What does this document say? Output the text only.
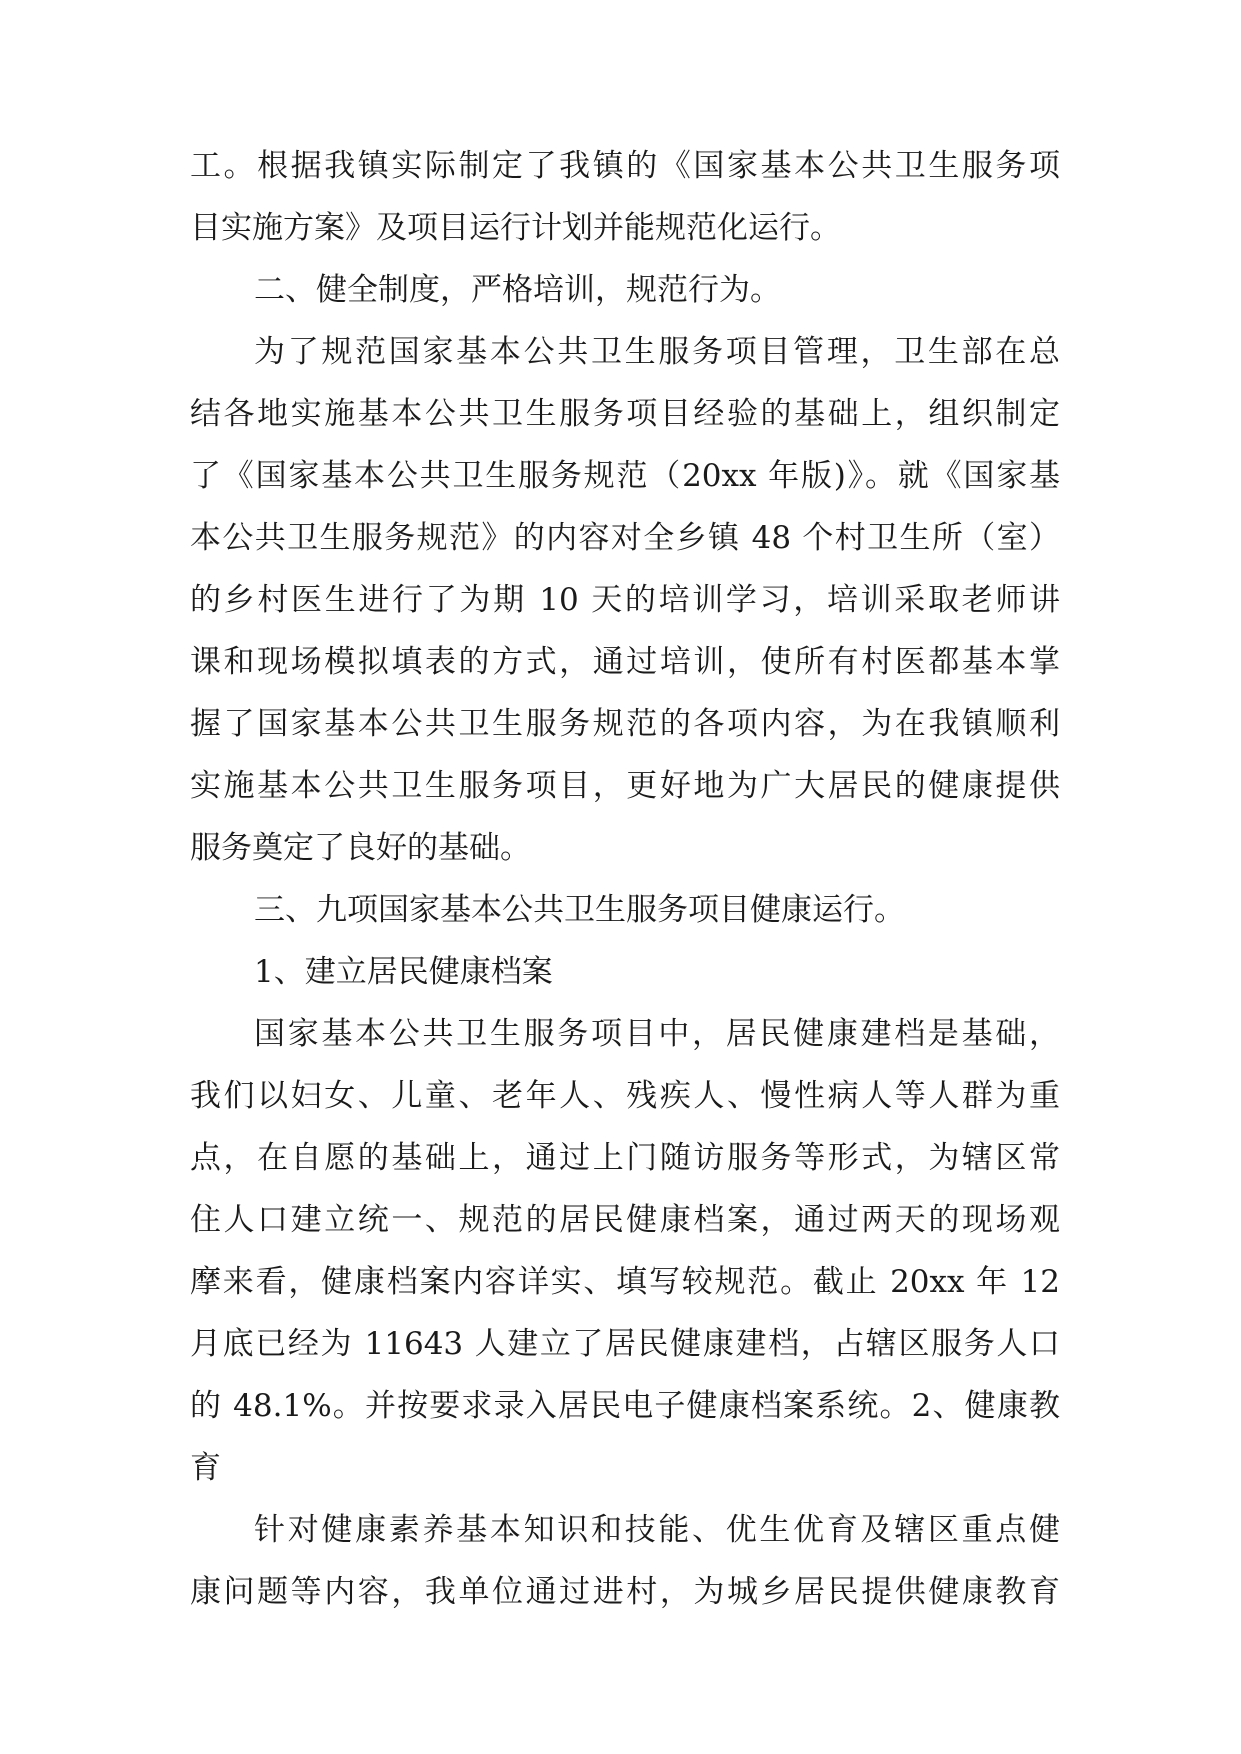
工。根据我镇实际制定了我镇的《国家基本公共卫生服务项
目实施方案》及项目运行计划并能规范化运行。
二、健全制度，严格培训，规范行为。
为了规范国家基本公共卫生服务项目管理，卫生部在总
结各地实施基本公共卫生服务项目经验的基础上，组织制定
了《国家基本公共卫生服务规范（20xx 年版)》。就《国家基
本公共卫生服务规范》的内容对全乡镇 48 个村卫生所（室）
的乡村医生进行了为期 10 天的培训学习，培训采取老师讲
课和现场模拟填表的方式，通过培训，使所有村医都基本掌
握了国家基本公共卫生服务规范的各项内容，为在我镇顺利
实施基本公共卫生服务项目，更好地为广大居民的健康提供
服务奠定了良好的基础。
三、九项国家基本公共卫生服务项目健康运行。
1、建立居民健康档案
国家基本公共卫生服务项目中，居民健康建档是基础，
我们以妇女、儿童、老年人、残疾人、慢性病人等人群为重
点，在自愿的基础上，通过上门随访服务等形式，为辖区常
住人口建立统一、规范的居民健康档案，通过两天的现场观
摩来看，健康档案内容详实、填写较规范。截止 20xx 年 12
月底已经为 11643 人建立了居民健康建档，占辖区服务人口
的 48.1%。并按要求录入居民电子健康档案系统。2、健康教
育
针对健康素养基本知识和技能、优生优育及辖区重点健
康问题等内容，我单位通过进村，为城乡居民提供健康教育
